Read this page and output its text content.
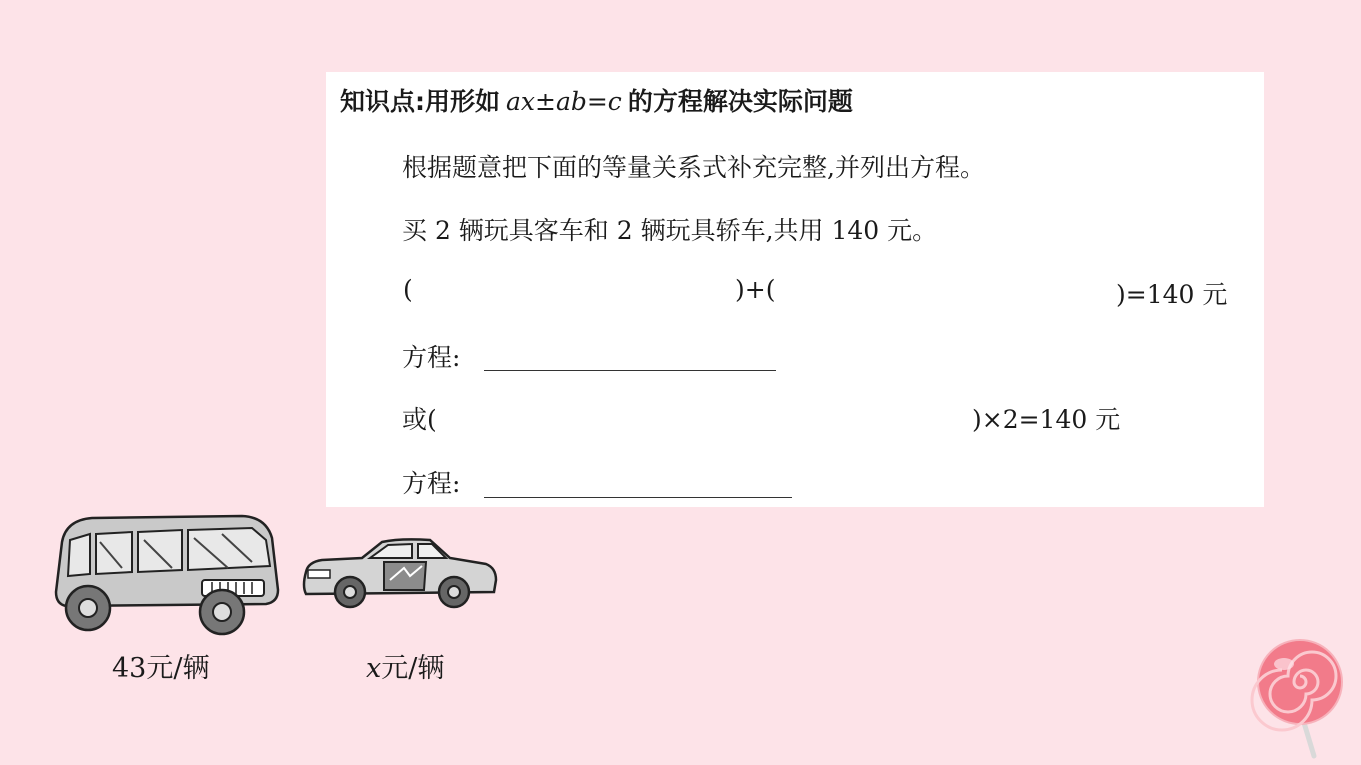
知识点:用形如 ax±ab=c 的方程解决实际问题
根据题意把下面的等量关系式补充完整,并列出方程。
买 2 辆玩具客车和 2 辆玩具轿车,共用 140 元。
(	)+(	)=140 元
方程:
或(	)×2=140 元
方程:
43元/辆	x元/辆
